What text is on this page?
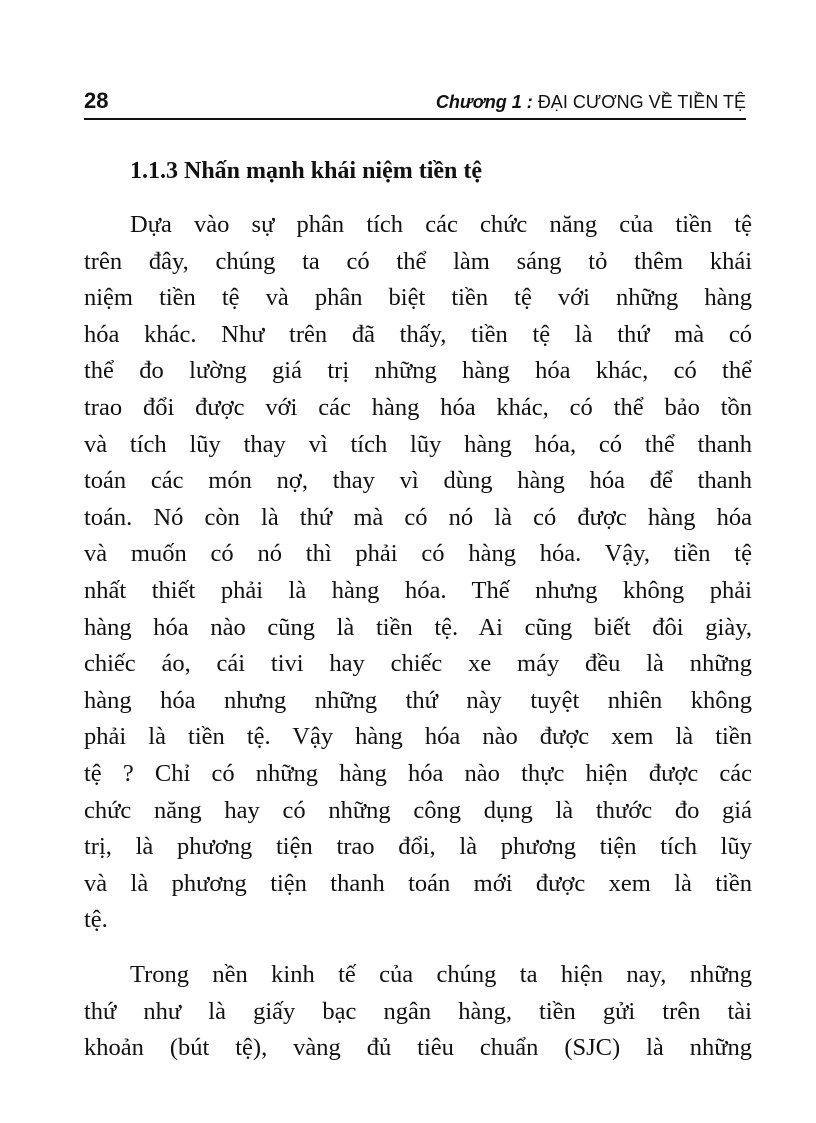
28	Chương 1 : ĐẠI CƯƠNG VỀ TIỀN TỆ
1.1.3 Nhấn mạnh khái niệm tiền tệ
Dựa vào sự phân tích các chức năng của tiền tệ
trên đây, chúng ta có thể làm sáng tỏ thêm khái
niệm tiền tệ và phân biệt tiền tệ với những hàng
hóa khác. Như trên đã thấy, tiền tệ là thứ mà có
thể đo lường giá trị những hàng hóa khác, có thể
trao đổi được với các hàng hóa khác, có thể bảo tồn
và tích lũy thay vì tích lũy hàng hóa, có thể thanh
toán các món nợ, thay vì dùng hàng hóa để thanh
toán. Nó còn là thứ mà có nó là có được hàng hóa
và muốn có nó thì phải có hàng hóa. Vậy, tiền tệ
nhất thiết phải là hàng hóa. Thế nhưng không phải
hàng hóa nào cũng là tiền tệ. Ai cũng biết đôi giày,
chiếc áo, cái tivi hay chiếc xe máy đều là những
hàng hóa nhưng những thứ này tuyệt nhiên không
phải là tiền tệ. Vậy hàng hóa nào được xem là tiền
tệ ? Chỉ có những hàng hóa nào thực hiện được các
chức năng hay có những công dụng là thước đo giá
trị, là phương tiện trao đổi, là phương tiện tích lũy
và là phương tiện thanh toán mới được xem là tiền
tệ.
Trong nền kinh tế của chúng ta hiện nay, những
thứ như là giấy bạc ngân hàng, tiền gửi trên tài
khoản (bút tệ), vàng đủ tiêu chuẩn (SJC) là những
